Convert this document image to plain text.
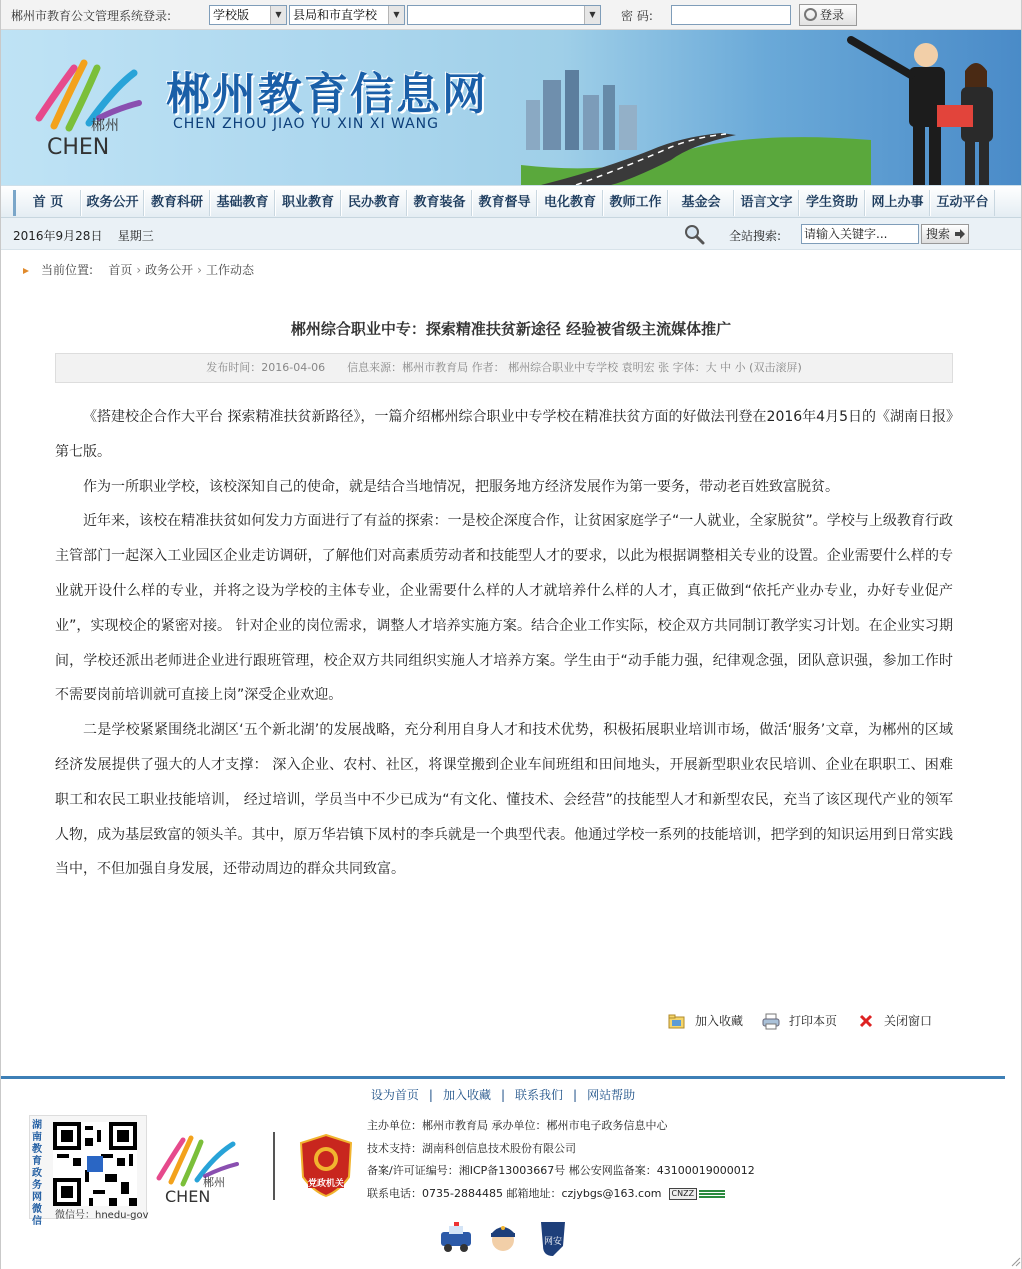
郴州市教育公文管理系统登录:	学校版	▼ 县局和市直学校	▼	▼	密 码:	登录
郴州
CHEN
郴州教育信息网
CHEN ZHOU JIAO YU XIN XI WANG
首 页	政务公开 教育科研	基础教育	职业教育	民办教育	教育装备 教育督导	电化教育	教师工作	基金会	语言文字	学生资助	网上办事 互动平台
2016年9月28日 星期三	全站搜索: 请输入关键字...	搜索
当前位置: 首页 › 政务公开 › 工作动态
郴州综合职业中专：探索精准扶贫新途径 经验被省级主流媒体推广
发布时间：2016-04-06　　信息来源：郴州市教育局 作者： 郴州综合职业中专学校 袁明宏 张 字体：大 中 小 (双击滚屏)

《搭建校企合作大平台 探索精准扶贫新路径》，一篇介绍郴州综合职业中专学校在精准扶贫方面的好做法刊登在2016年4月5日的《湖南日报》第七版。

作为一所职业学校，该校深知自己的使命，就是结合当地情况，把服务地方经济发展作为第一要务，带动老百姓致富脱贫。

近年来，该校在精准扶贫如何发力方面进行了有益的探索：一是校企深度合作，让贫困家庭学子“一人就业，全家脱贫”。学校与上级教育行政主管部门一起深入工业园区企业走访调研，了解他们对高素质劳动者和技能型人才的要求，以此为根据调整相关专业的设置。企业需要什么样的专业就开设什么样的专业，并将之设为学校的主体专业，企业需要什么样的人才就培养什么样的人才，真正做到“依托产业办专业，办好专业促产业”，实现校企的紧密对接。 针对企业的岗位需求，调整人才培养实施方案。结合企业工作实际，校企双方共同制订教学实习计划。在企业实习期间，学校还派出老师进企业进行跟班管理，校企双方共同组织实施人才培养方案。学生由于“动手能力强，纪律观念强，团队意识强，参加工作时不需要岗前培训就可直接上岗”深受企业欢迎。

二是学校紧紧围绕北湖区‘五个新北湖’的发展战略，充分利用自身人才和技术优势，积极拓展职业培训市场，做活‘服务’文章，为郴州的区域经济发展提供了强大的人才支撑： 深入企业、农村、社区，将课堂搬到企业车间班组和田间地头，开展新型职业农民培训、企业在职职工、困难职工和农民工职业技能培训， 经过培训，学员当中不少已成为“有文化、懂技术、会经营”的技能型人才和新型农民，充当了该区现代产业的领军人物，成为基层致富的领头羊。其中，原万华岩镇下凤村的李兵就是一个典型代表。他通过学校一系列的技能培训，把学到的知识运用到日常实践当中，不但加强自身发展，还带动周边的群众共同致富。

加入收藏	打印本页	关闭窗口
设为首页 | 加入收藏 | 联系我们 | 网站帮助
湖南教育政务网微信
微信号：hnedu-gov
郴州
CHEN
党政机关
主办单位：郴州市教育局 承办单位：郴州市电子政务信息中心
技术支持：湖南科创信息技术股份有限公司
备案/许可证编号：湘ICP备13003667号 郴公安网监备案：43100019000012
联系电话：0735-2884485 邮箱地址：czjybgs@163.com CNZZ
网安
